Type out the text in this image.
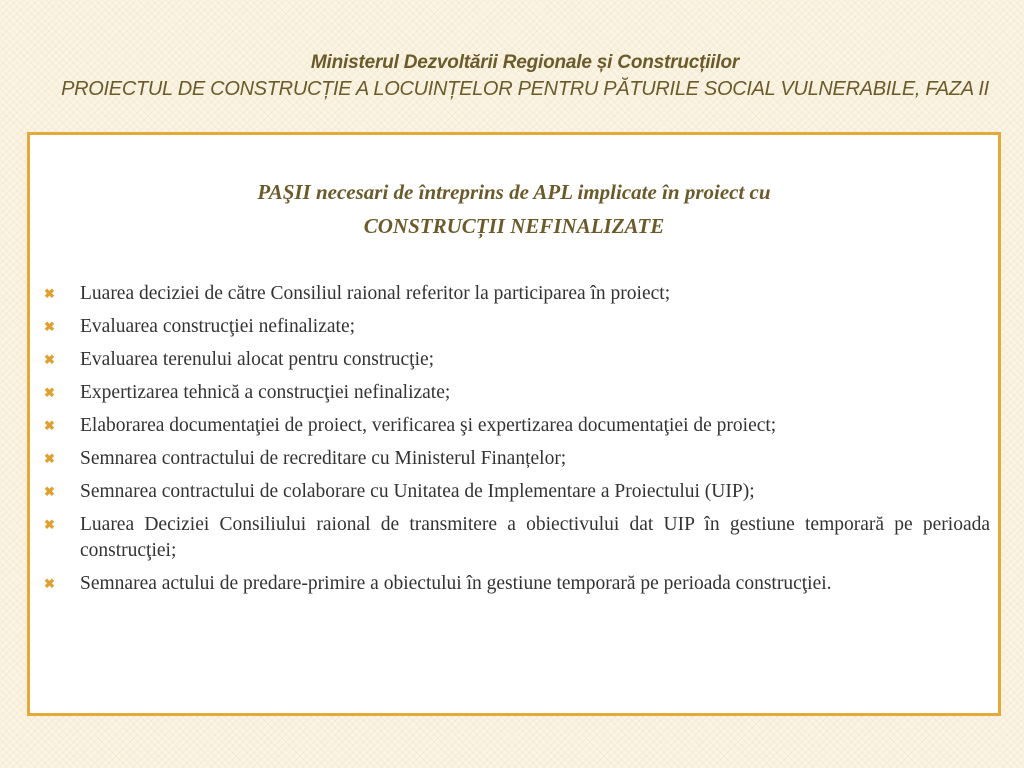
Ministerul Dezvoltării Regionale și Construcțiilor
PROIECTUL DE CONSTRUCȚIE A LOCUINȚELOR PENTRU PĂTURILE SOCIAL VULNERABILE, FAZA II
PAŞII necesari de întreprins de APL implicate în proiect cu
CONSTRUCȚII NEFINALIZATE
✖ Luarea deciziei de către Consiliul raional referitor la participarea în proiect;
✖ Evaluarea construcţiei nefinalizate;
✖ Evaluarea terenului alocat pentru construcţie;
✖ Expertizarea tehnică a construcţiei nefinalizate;
✖ Elaborarea documentaţiei de proiect, verificarea şi expertizarea documentaţiei de proiect;
✖ Semnarea contractului de recreditare cu Ministerul Finanțelor;
✖ Semnarea contractului de colaborare cu Unitatea de Implementare a Proiectului (UIP);
✖ Luarea Deciziei Consiliului raional de transmitere a obiectivului dat UIP în gestiune temporară pe perioada construcţiei;
✖ Semnarea actului de predare-primire a obiectului în gestiune temporară pe perioada construcţiei.
